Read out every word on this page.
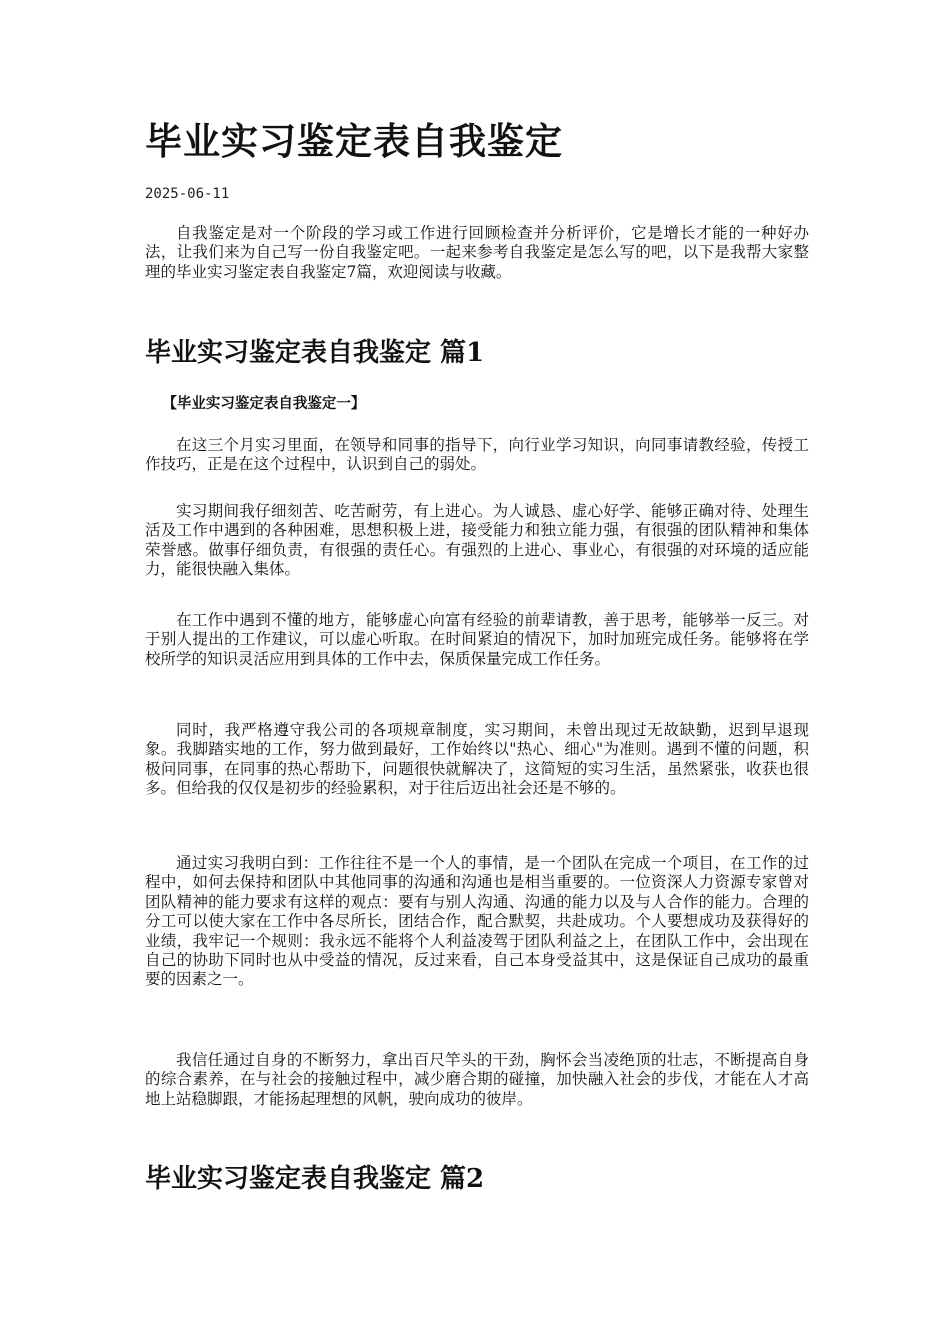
毕业实习鉴定表自我鉴定
2025-06-11

自我鉴定是对一个阶段的学习或工作进行回顾检查并分析评价，它是增长才能的一种好办法，让我们来为自己写一份自我鉴定吧。一起来参考自我鉴定是怎么写的吧，以下是我帮大家整理的毕业实习鉴定表自我鉴定7篇，欢迎阅读与收藏。

毕业实习鉴定表自我鉴定 篇1
【毕业实习鉴定表自我鉴定一】

在这三个月实习里面，在领导和同事的指导下，向行业学习知识，向同事请教经验，传授工作技巧，正是在这个过程中，认识到自己的弱处。

实习期间我仔细刻苦、吃苦耐劳，有上进心。为人诚恳、虚心好学、能够正确对待、处理生活及工作中遇到的各种困难，思想积极上进，接受能力和独立能力强，有很强的团队精神和集体荣誉感。做事仔细负责，有很强的责任心。有强烈的上进心、事业心，有很强的对环境的适应能力，能很快融入集体。

在工作中遇到不懂的地方，能够虚心向富有经验的前辈请教，善于思考，能够举一反三。对于别人提出的工作建议，可以虚心听取。在时间紧迫的情况下，加时加班完成任务。能够将在学校所学的知识灵活应用到具体的工作中去，保质保量完成工作任务。

同时，我严格遵守我公司的各项规章制度，实习期间，未曾出现过无故缺勤，迟到早退现象。我脚踏实地的工作，努力做到最好，工作始终以"热心、细心"为准则。遇到不懂的问题，积极问同事，在同事的热心帮助下，问题很快就解决了，这简短的实习生活，虽然紧张，收获也很多。但给我的仅仅是初步的经验累积，对于往后迈出社会还是不够的。

通过实习我明白到：工作往往不是一个人的事情，是一个团队在完成一个项目，在工作的过程中，如何去保持和团队中其他同事的沟通和沟通也是相当重要的。一位资深人力资源专家曾对团队精神的能力要求有这样的观点：要有与别人沟通、沟通的能力以及与人合作的能力。合理的分工可以使大家在工作中各尽所长，团结合作，配合默契，共赴成功。个人要想成功及获得好的业绩，我牢记一个规则：我永远不能将个人利益凌驾于团队利益之上，在团队工作中，会出现在自己的协助下同时也从中受益的情况，反过来看，自己本身受益其中，这是保证自己成功的最重要的因素之一。

我信任通过自身的不断努力，拿出百尺竿头的干劲，胸怀会当凌绝顶的壮志，不断提高自身的综合素养，在与社会的接触过程中，减少磨合期的碰撞，加快融入社会的步伐，才能在人才高地上站稳脚跟，才能扬起理想的风帆，驶向成功的彼岸。

毕业实习鉴定表自我鉴定 篇2
